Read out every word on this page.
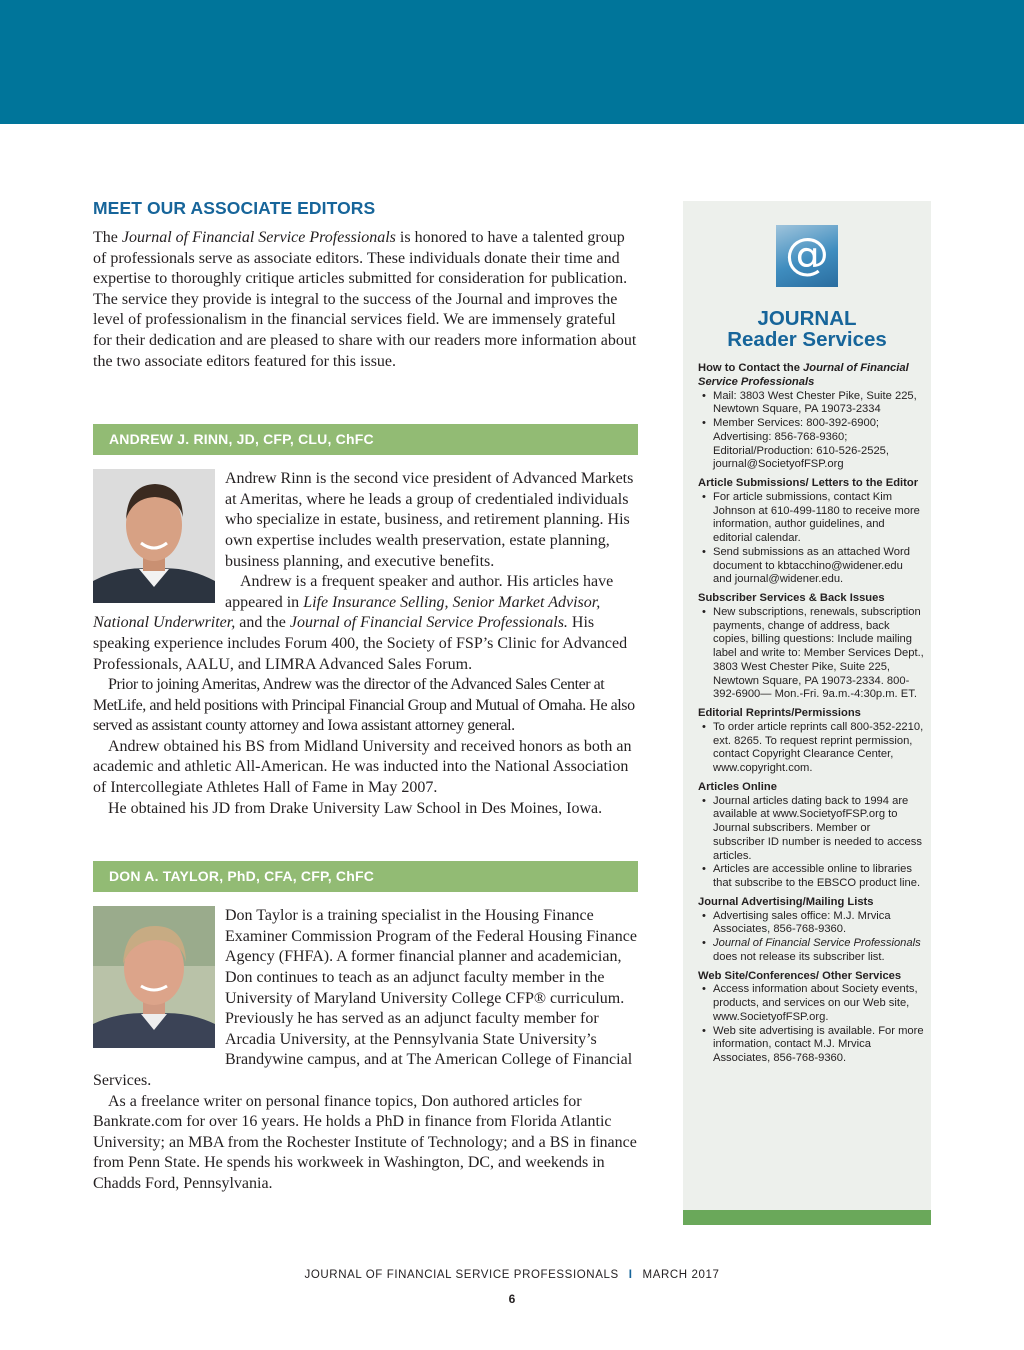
MEET OUR ASSOCIATE EDITORS

The Journal of Financial Service Professionals is honored to have a talented group of professionals serve as associate editors. These individuals donate their time and expertise to thoroughly critique articles submitted for consideration for publication. The service they provide is integral to the success of the Journal and improves the level of professionalism in the financial services field. We are immensely grateful for their dedication and are pleased to share with our readers more information about the two associate editors featured for this issue.

ANDREW J. RINN, JD, CFP, CLU, ChFC

Andrew Rinn is the second vice president of Advanced Markets at Ameritas, where he leads a group of credentialed individuals who specialize in estate, business, and retirement planning. His own expertise includes wealth preservation, estate planning, business planning, and executive benefits.

Andrew is a frequent speaker and author. His articles have appeared in Life Insurance Selling, Senior Market Advisor, National Underwriter, and the Journal of Financial Service Professionals. His speaking experience includes Forum 400, the Society of FSP’s Clinic for Advanced Professionals, AALU, and LIMRA Advanced Sales Forum.

Prior to joining Ameritas, Andrew was the director of the Advanced Sales Center at MetLife, and held positions with Principal Financial Group and Mutual of Omaha. He also served as assistant county attorney and Iowa assistant attorney general.

Andrew obtained his BS from Midland University and received honors as both an academic and athletic All-American. He was inducted into the National Association of Intercollegiate Athletes Hall of Fame in May 2007.

He obtained his JD from Drake University Law School in Des Moines, Iowa.

DON A. TAYLOR, PhD, CFA, CFP, ChFC

Don Taylor is a training specialist in the Housing Finance Examiner Commission Program of the Federal Housing Finance Agency (FHFA). A former financial planner and academician, Don continues to teach as an adjunct faculty member in the University of Maryland University College CFP® curriculum. Previously he has served as an adjunct faculty member for Arcadia University, at the Pennsylvania State University’s Brandywine campus, and at The American College of Financial Services.

As a freelance writer on personal finance topics, Don authored articles for Bankrate.com for over 16 years. He holds a PhD in finance from Florida Atlantic University; an MBA from the Rochester Institute of Technology; and a BS in finance from Penn State. He spends his workweek in Washington, DC, and weekends in Chadds Ford, Pennsylvania.

@
JOURNAL
Reader Services

How to Contact the Journal of Financial Service Professionals

• Mail: 3803 West Chester Pike, Suite 225, Newtown Square, PA 19073-2334
• Member Services: 800-392-6900; Advertising: 856-768-9360; Editorial/Production: 610-526-2525, journal@SocietyofFSP.org

Article Submissions/ Letters to the Editor

• For article submissions, contact Kim Johnson at 610-499-1180 to receive more information, author guidelines, and editorial calendar.
• Send submissions as an attached Word document to kbtacchino@widener.edu and journal@widener.edu.

Subscriber Services & Back Issues

• New subscriptions, renewals, subscription payments, change of address, back copies, billing questions: Include mailing label and write to: Member Services Dept., 3803 West Chester Pike, Suite 225, Newtown Square, PA 19073-2334. 800-392-6900— Mon.-Fri. 9a.m.-4:30p.m. ET.

Editorial Reprints/Permissions

• To order article reprints call 800-352-2210, ext. 8265. To request reprint permission, contact Copyright Clearance Center, www.copyright.com.

Articles Online

• Journal articles dating back to 1994 are available at www.SocietyofFSP.org to Journal subscribers. Member or subscriber ID number is needed to access articles.
• Articles are accessible online to libraries that subscribe to the EBSCO product line.

Journal Advertising/Mailing Lists

• Advertising sales office: M.J. Mrvica Associates, 856-768-9360.
• Journal of Financial Service Professionals does not release its subscriber list.

Web Site/Conferences/ Other Services

• Access information about Society events, products, and services on our Web site, www.SocietyofFSP.org.
• Web site advertising is available. For more information, contact M.J. Mrvica Associates, 856-768-9360.
JOURNAL OF FINANCIAL SERVICE PROFESSIONALS I MARCH 2017
6
